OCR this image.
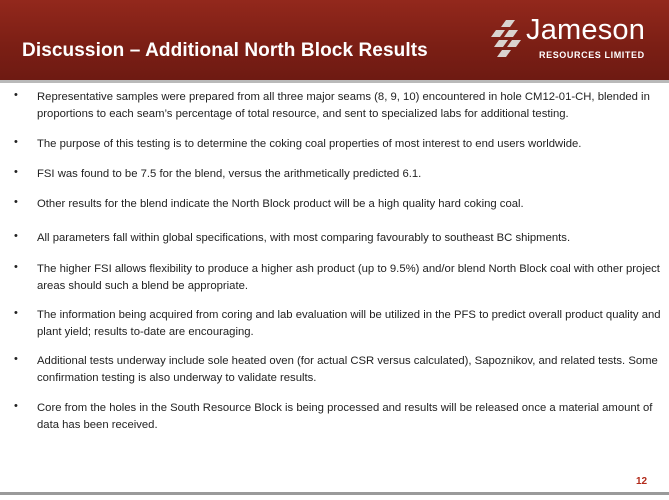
Discussion – Additional North Block Results
Jameson
RESOURCES LIMITED
• Representative samples were prepared from all three major seams (8, 9, 10) encountered in hole CM12-01-CH, blended in proportions to each seam’s percentage of total resource, and sent to specialized labs for additional testing.
• The purpose of this testing is to determine the coking coal properties of most interest to end users worldwide.
• FSI was found to be 7.5 for the blend, versus the arithmetically predicted 6.1.
• Other results for the blend indicate the North Block product will be a high quality hard coking coal.
• All parameters fall within global specifications, with most comparing favourably to southeast BC shipments.
• The higher FSI allows flexibility to produce a higher ash product (up to 9.5%) and/or blend North Block coal with other project areas should such a blend be appropriate.
• The information being acquired from coring and lab evaluation will be utilized in the PFS to predict overall product quality and plant yield; results to-date are encouraging.
• Additional tests underway include sole heated oven (for actual CSR versus calculated), Sapoznikov, and related tests. Some confirmation testing is also underway to validate results.
• Core from the holes in the South Resource Block is being processed and results will be released once a material amount of data has been received.
12
